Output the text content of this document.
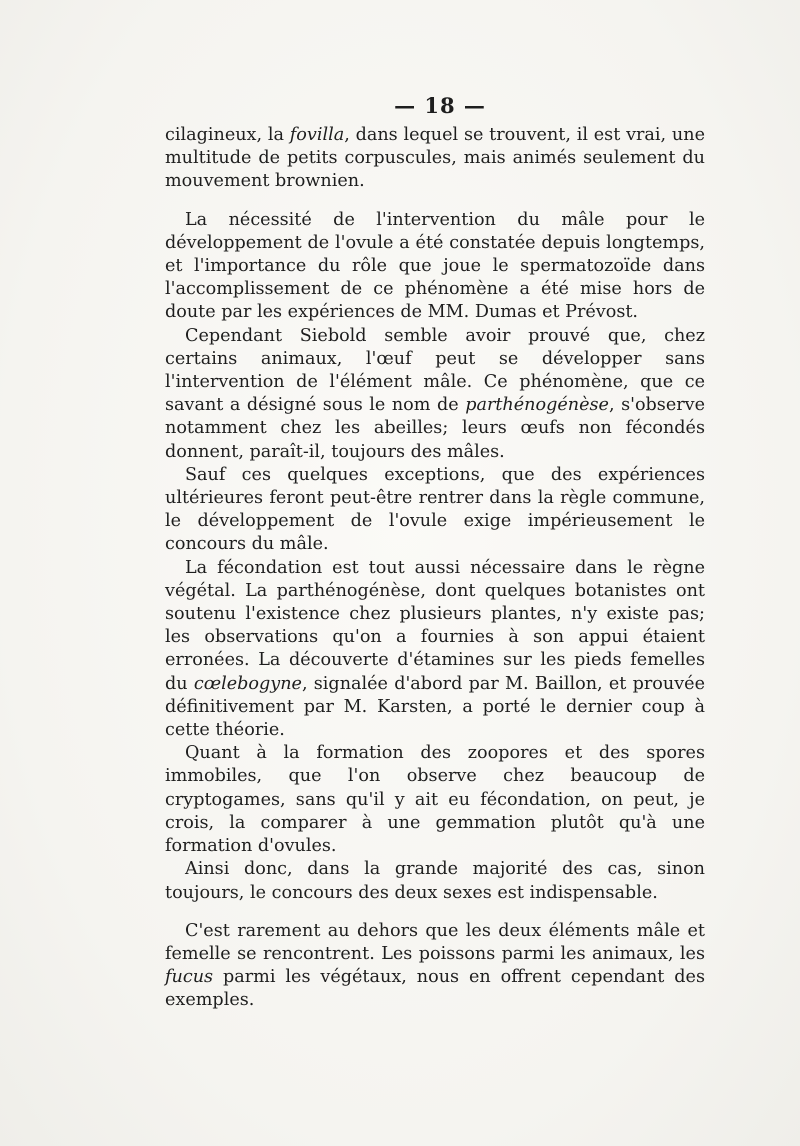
— 18 —

cilagineux, la fovilla, dans lequel se trouvent, il est vrai, une multitude de petits corpuscules, mais animés seulement du mouvement brownien.

La nécessité de l'intervention du mâle pour le développement de l'ovule a été constatée depuis longtemps, et l'importance du rôle que joue le spermatozoïde dans l'accomplissement de ce phénomène a été mise hors de doute par les expériences de MM. Dumas et Prévost.

Cependant Siebold semble avoir prouvé que, chez certains animaux, l'œuf peut se développer sans l'intervention de l'élément mâle. Ce phénomène, que ce savant a désigné sous le nom de parthénogénèse, s'observe notamment chez les abeilles; leurs œufs non fécondés donnent, paraît-il, toujours des mâles.

Sauf ces quelques exceptions, que des expériences ultérieures feront peut-être rentrer dans la règle commune, le développement de l'ovule exige impérieusement le concours du mâle.

La fécondation est tout aussi nécessaire dans le règne végétal. La parthénogénèse, dont quelques botanistes ont soutenu l'existence chez plusieurs plantes, n'y existe pas; les observations qu'on a fournies à son appui étaient erronées. La découverte d'étamines sur les pieds femelles du cœlebogyne, signalée d'abord par M. Baillon, et prouvée définitivement par M. Karsten, a porté le dernier coup à cette théorie.

Quant à la formation des zoopores et des spores immobiles, que l'on observe chez beaucoup de cryptogames, sans qu'il y ait eu fécondation, on peut, je crois, la comparer à une gemmation plutôt qu'à une formation d'ovules.

Ainsi donc, dans la grande majorité des cas, sinon toujours, le concours des deux sexes est indispensable.

C'est rarement au dehors que les deux éléments mâle et femelle se rencontrent. Les poissons parmi les animaux, les fucus parmi les végétaux, nous en offrent cependant des exemples.
